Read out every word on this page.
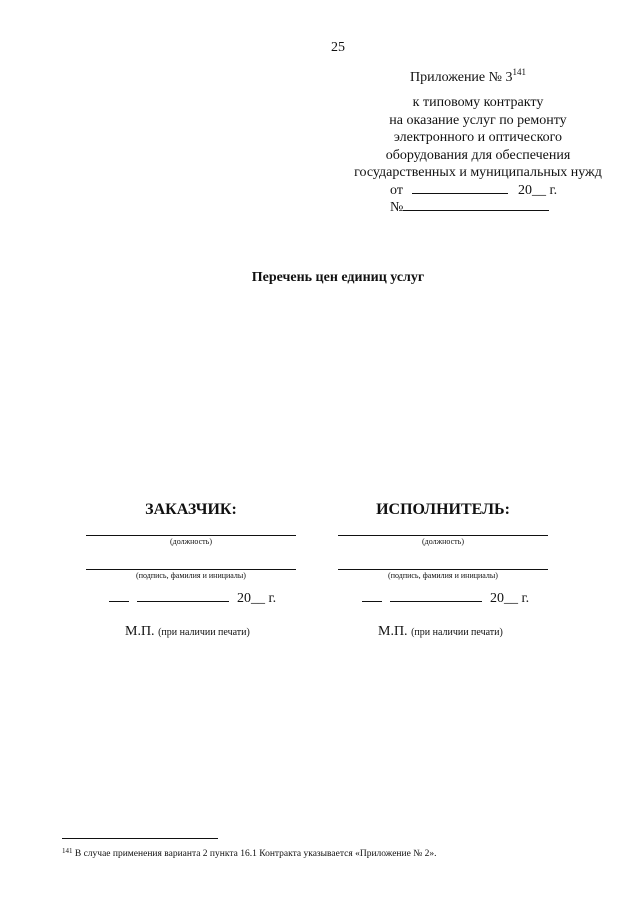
25
Приложение № $3^{141}$
к типовому контракту
на оказание услуг по ремонту
электронного и оптического
оборудования для обеспечения
государственных и муниципальных нужд
от	20__ г.
№
Перечень цен единиц услуг
ЗАКАЗЧИК:
(должность)
(подпись, фамилия и инициалы)
20__ г.
М.П. (при наличии печати)
ИСПОЛНИТЕЛЬ:
(должность)
(подпись, фамилия и инициалы)
20__ г.
М.П. (при наличии печати)
$^{141}$ В случае применения варианта 2 пункта 16.1 Контракта указывается «Приложение № 2».
